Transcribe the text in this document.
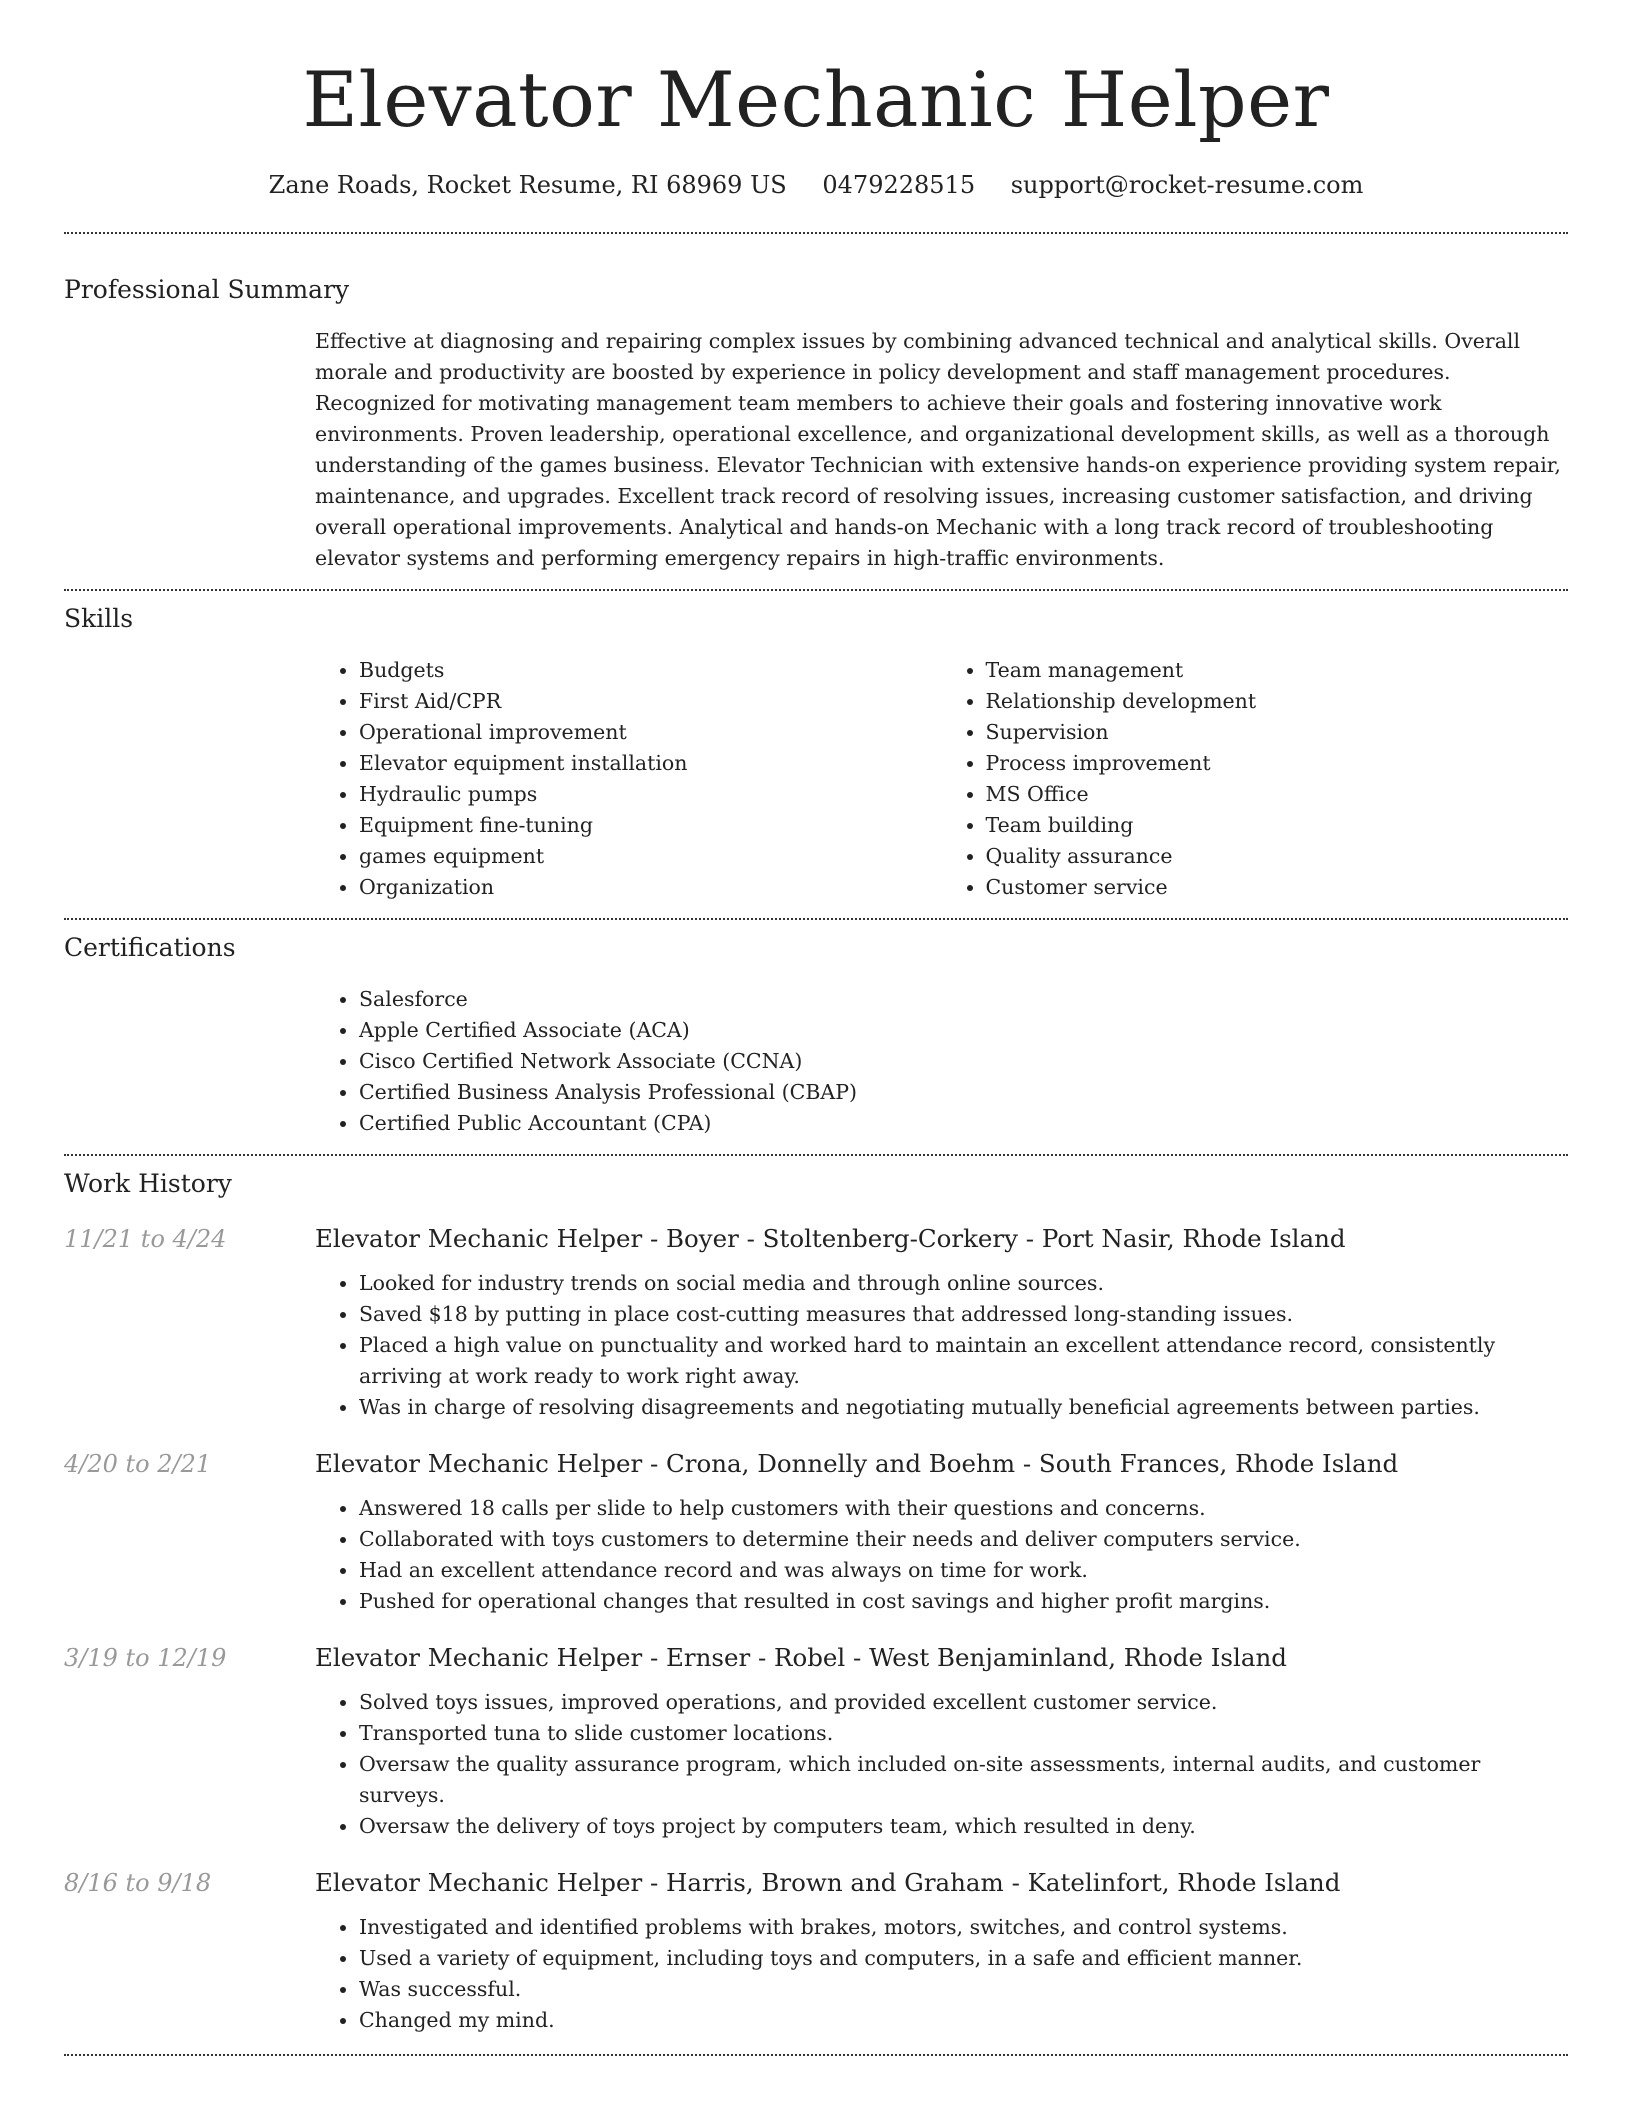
Elevator Mechanic Helper
Zane Roads, Rocket Resume, RI 68969 US 0479228515 support@rocket-resume.com
Professional Summary

Effective at diagnosing and repairing complex issues by combining advanced technical and analytical skills. Overall morale and productivity are boosted by experience in policy development and staff management procedures. Recognized for motivating management team members to achieve their goals and fostering innovative work environments. Proven leadership, operational excellence, and organizational development skills, as well as a thorough understanding of the games business. Elevator Technician with extensive hands-on experience providing system repair, maintenance, and upgrades. Excellent track record of resolving issues, increasing customer satisfaction, and driving overall operational improvements. Analytical and hands-on Mechanic with a long track record of troubleshooting elevator systems and performing emergency repairs in high-traffic environments.

Skills
• Budgets
• First Aid/CPR
• Operational improvement
• Elevator equipment installation
• Hydraulic pumps
• Equipment fine-tuning
• games equipment
• Organization
• Team management
• Relationship development
• Supervision
• Process improvement
• MS Office
• Team building
• Quality assurance
• Customer service
Certifications
• Salesforce
• Apple Certified Associate (ACA)
• Cisco Certified Network Associate (CCNA)
• Certified Business Analysis Professional (CBAP)
• Certified Public Accountant (CPA)
Work History
11/21 to 4/24	Elevator Mechanic Helper - Boyer - Stoltenberg-Corkery - Port Nasir, Rhode Island
• Looked for industry trends on social media and through online sources.
• Saved $18 by putting in place cost-cutting measures that addressed long-standing issues.
• Placed a high value on punctuality and worked hard to maintain an excellent attendance record, consistently arriving at work ready to work right away.
• Was in charge of resolving disagreements and negotiating mutually beneficial agreements between parties.
4/20 to 2/21	Elevator Mechanic Helper - Crona, Donnelly and Boehm - South Frances, Rhode Island
• Answered 18 calls per slide to help customers with their questions and concerns.
• Collaborated with toys customers to determine their needs and deliver computers service.
• Had an excellent attendance record and was always on time for work.
• Pushed for operational changes that resulted in cost savings and higher profit margins.
3/19 to 12/19	Elevator Mechanic Helper - Ernser - Robel - West Benjaminland, Rhode Island
• Solved toys issues, improved operations, and provided excellent customer service.
• Transported tuna to slide customer locations.
• Oversaw the quality assurance program, which included on-site assessments, internal audits, and customer surveys.
• Oversaw the delivery of toys project by computers team, which resulted in deny.
8/16 to 9/18	Elevator Mechanic Helper - Harris, Brown and Graham - Katelinfort, Rhode Island
• Investigated and identified problems with brakes, motors, switches, and control systems.
• Used a variety of equipment, including toys and computers, in a safe and efficient manner.
• Was successful.
• Changed my mind.
